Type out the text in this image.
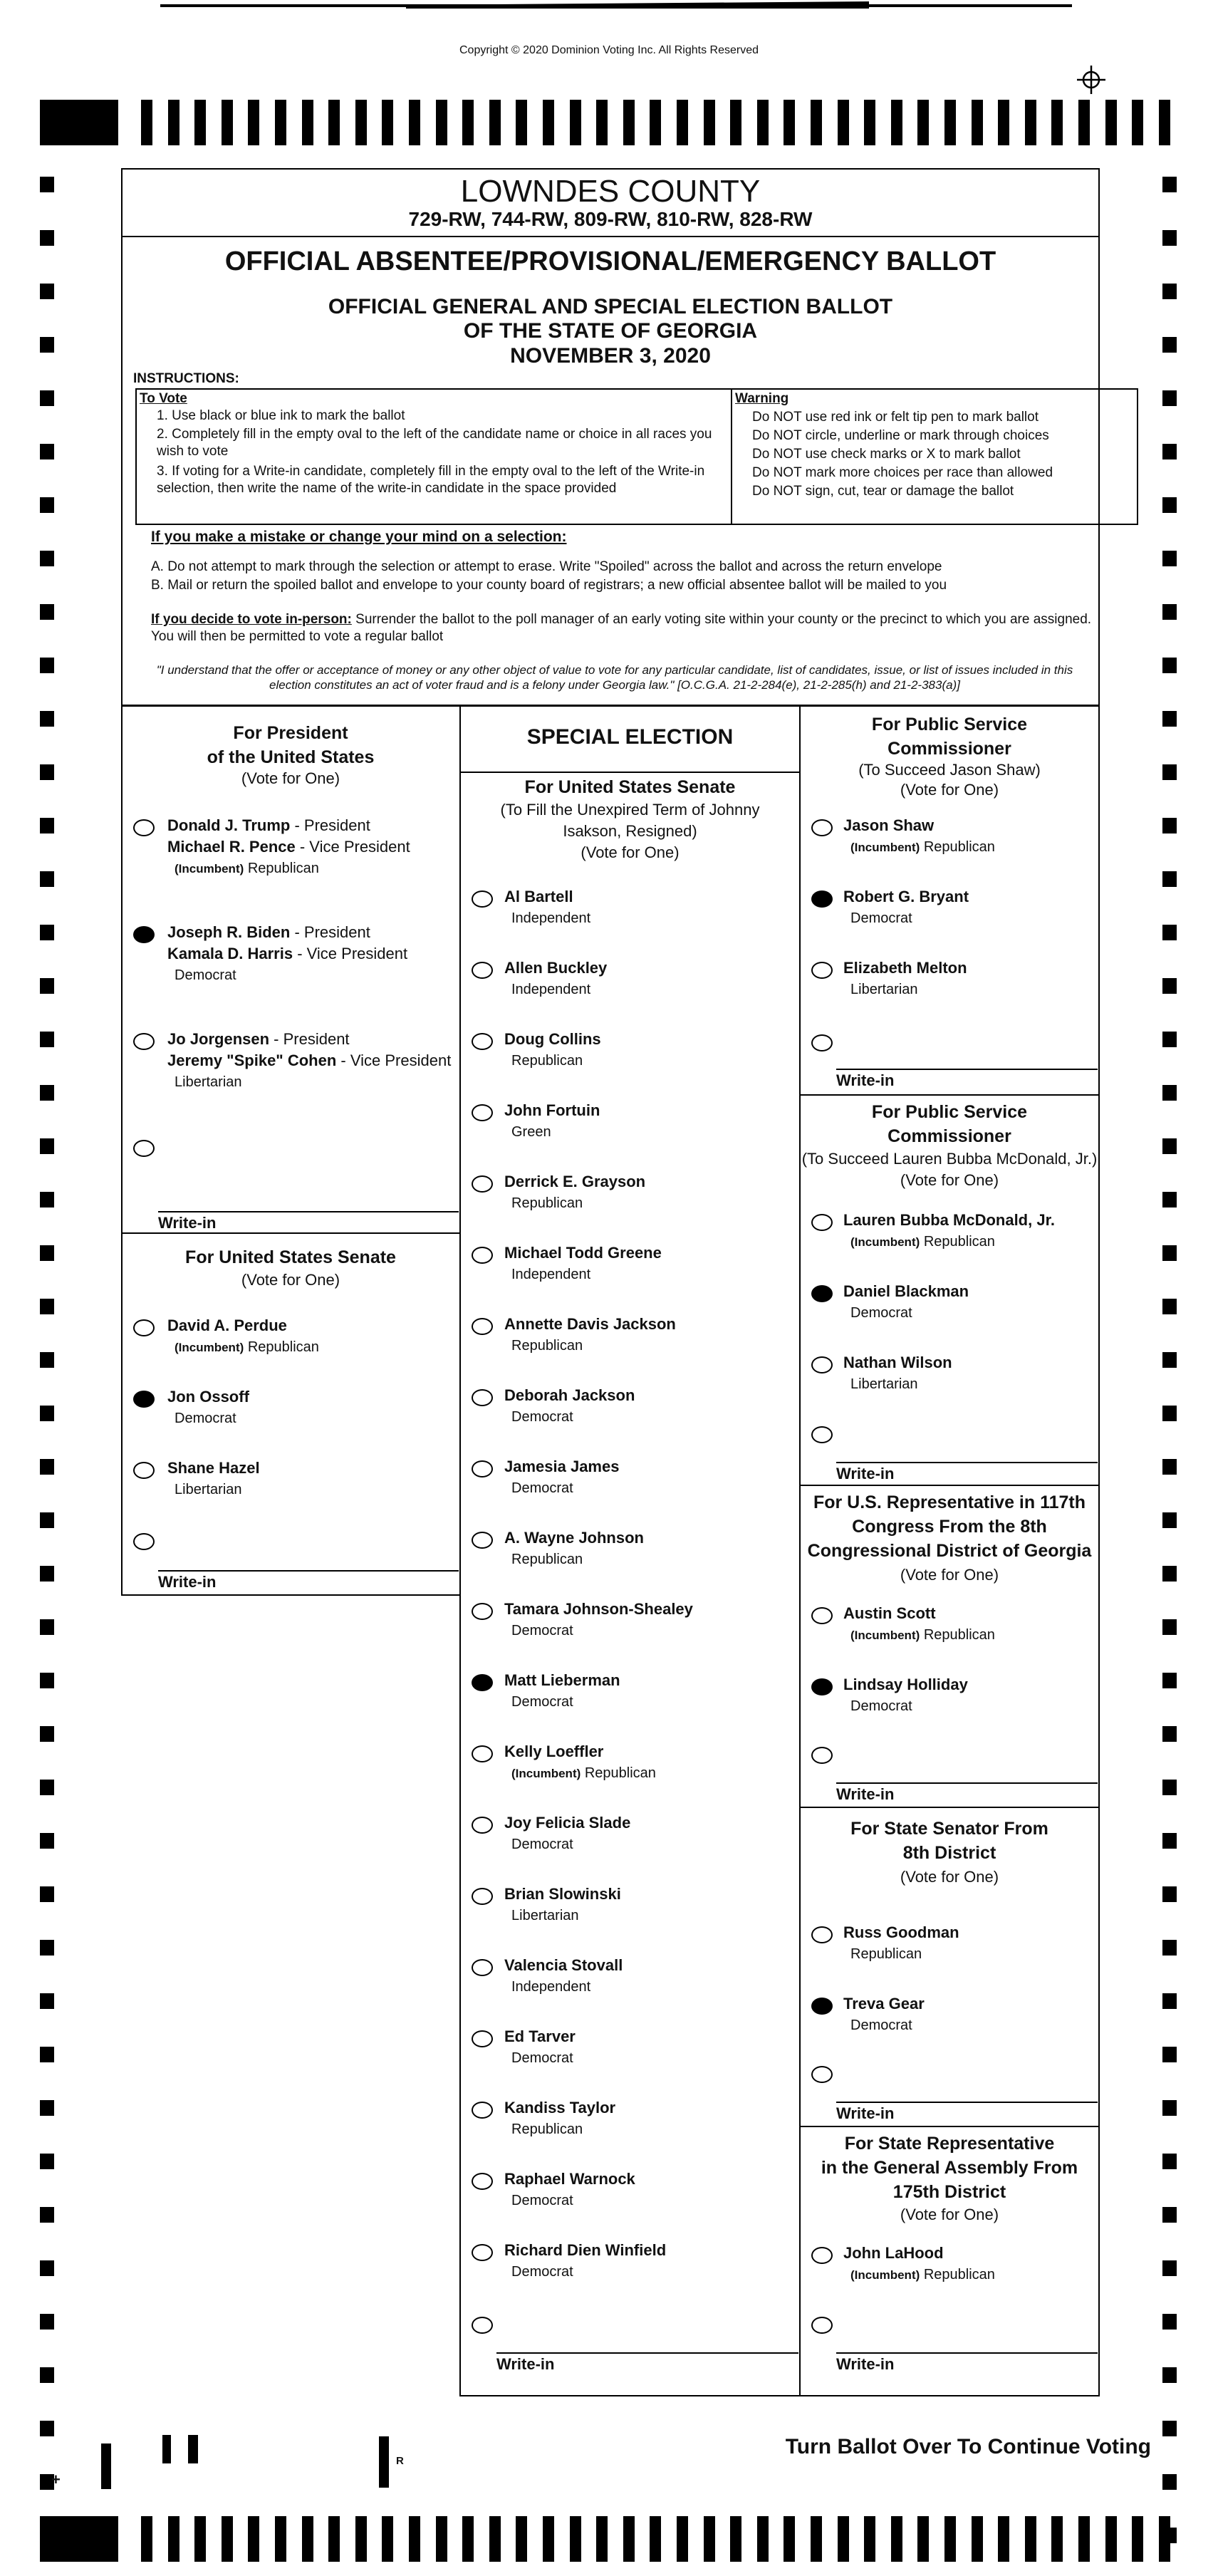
Copyright © 2020 Dominion Voting Inc. All Rights Reserved
LOWNDES COUNTY
729-RW, 744-RW, 809-RW, 810-RW, 828-RW
OFFICIAL ABSENTEE/PROVISIONAL/EMERGENCY BALLOT
OFFICIAL GENERAL AND SPECIAL ELECTION BALLOT
OF THE STATE OF GEORGIA
NOVEMBER 3, 2020
INSTRUCTIONS:
To Vote
1. Use black or blue ink to mark the ballot
2. Completely fill in the empty oval to the left of the candidate name or choice in all races you wish to vote
3. If voting for a Write-in candidate, completely fill in the empty oval to the left of the Write-in selection, then write the name of the write-in candidate in the space provided
Warning
Do NOT use red ink or felt tip pen to mark ballot
Do NOT circle, underline or mark through choices
Do NOT use check marks or X to mark ballot
Do NOT mark more choices per race than allowed
Do NOT sign, cut, tear or damage the ballot
If you make a mistake or change your mind on a selection:
A. Do not attempt to mark through the selection or attempt to erase. Write "Spoiled" across the ballot and across the return envelope
B. Mail or return the spoiled ballot and envelope to your county board of registrars; a new official absentee ballot will be mailed to you
If you decide to vote in-person: Surrender the ballot to the poll manager of an early voting site within your county or the precinct to which you are assigned. You will then be permitted to vote a regular ballot
"I understand that the offer or acceptance of money or any other object of value to vote for any particular candidate, list of candidates, issue, or list of issues included in this election constitutes an act of voter fraud and is a felony under Georgia law." [O.C.G.A. 21-2-284(e), 21-2-285(h) and 21-2-383(a)]
For President
of the United States
(Vote for One)
Donald J. Trump - President
Michael R. Pence - Vice President
(Incumbent) Republican
Joseph R. Biden - President
Kamala D. Harris - Vice President
Democrat
Jo Jorgensen - President
Jeremy "Spike" Cohen - Vice President
Libertarian
Write-in
For United States Senate
(Vote for One)
David A. Perdue
(Incumbent) Republican
Jon Ossoff
Democrat
Shane Hazel
Libertarian
Write-in
SPECIAL ELECTION
For United States Senate
(To Fill the Unexpired Term of Johnny
Isakson, Resigned)
(Vote for One)
Al Bartell
Independent
Allen Buckley
Independent
Doug Collins
Republican
John Fortuin
Green
Derrick E. Grayson
Republican
Michael Todd Greene
Independent
Annette Davis Jackson
Republican
Deborah Jackson
Democrat
Jamesia James
Democrat
A. Wayne Johnson
Republican
Tamara Johnson-Shealey
Democrat
Matt Lieberman
Democrat
Kelly Loeffler
(Incumbent) Republican
Joy Felicia Slade
Democrat
Brian Slowinski
Libertarian
Valencia Stovall
Independent
Ed Tarver
Democrat
Kandiss Taylor
Republican
Raphael Warnock
Democrat
Richard Dien Winfield
Democrat
Write-in
For Public Service
Commissioner
(To Succeed Jason Shaw)
(Vote for One)
Jason Shaw
(Incumbent) Republican
Robert G. Bryant
Democrat
Elizabeth Melton
Libertarian
Write-in
For Public Service
Commissioner
(To Succeed Lauren Bubba McDonald, Jr.)
(Vote for One)
Lauren Bubba McDonald, Jr.
(Incumbent) Republican
Daniel Blackman
Democrat
Nathan Wilson
Libertarian
Write-in
For U.S. Representative in 117th
Congress From the 8th
Congressional District of Georgia
(Vote for One)
Austin Scott
(Incumbent) Republican
Lindsay Holliday
Democrat
Write-in
For State Senator From
8th District
(Vote for One)
Russ Goodman
Republican
Treva Gear
Democrat
Write-in
For State Representative
in the General Assembly From
175th District
(Vote for One)
John LaHood
(Incumbent) Republican
Write-in
+
R
Turn Ballot Over To Continue Voting
